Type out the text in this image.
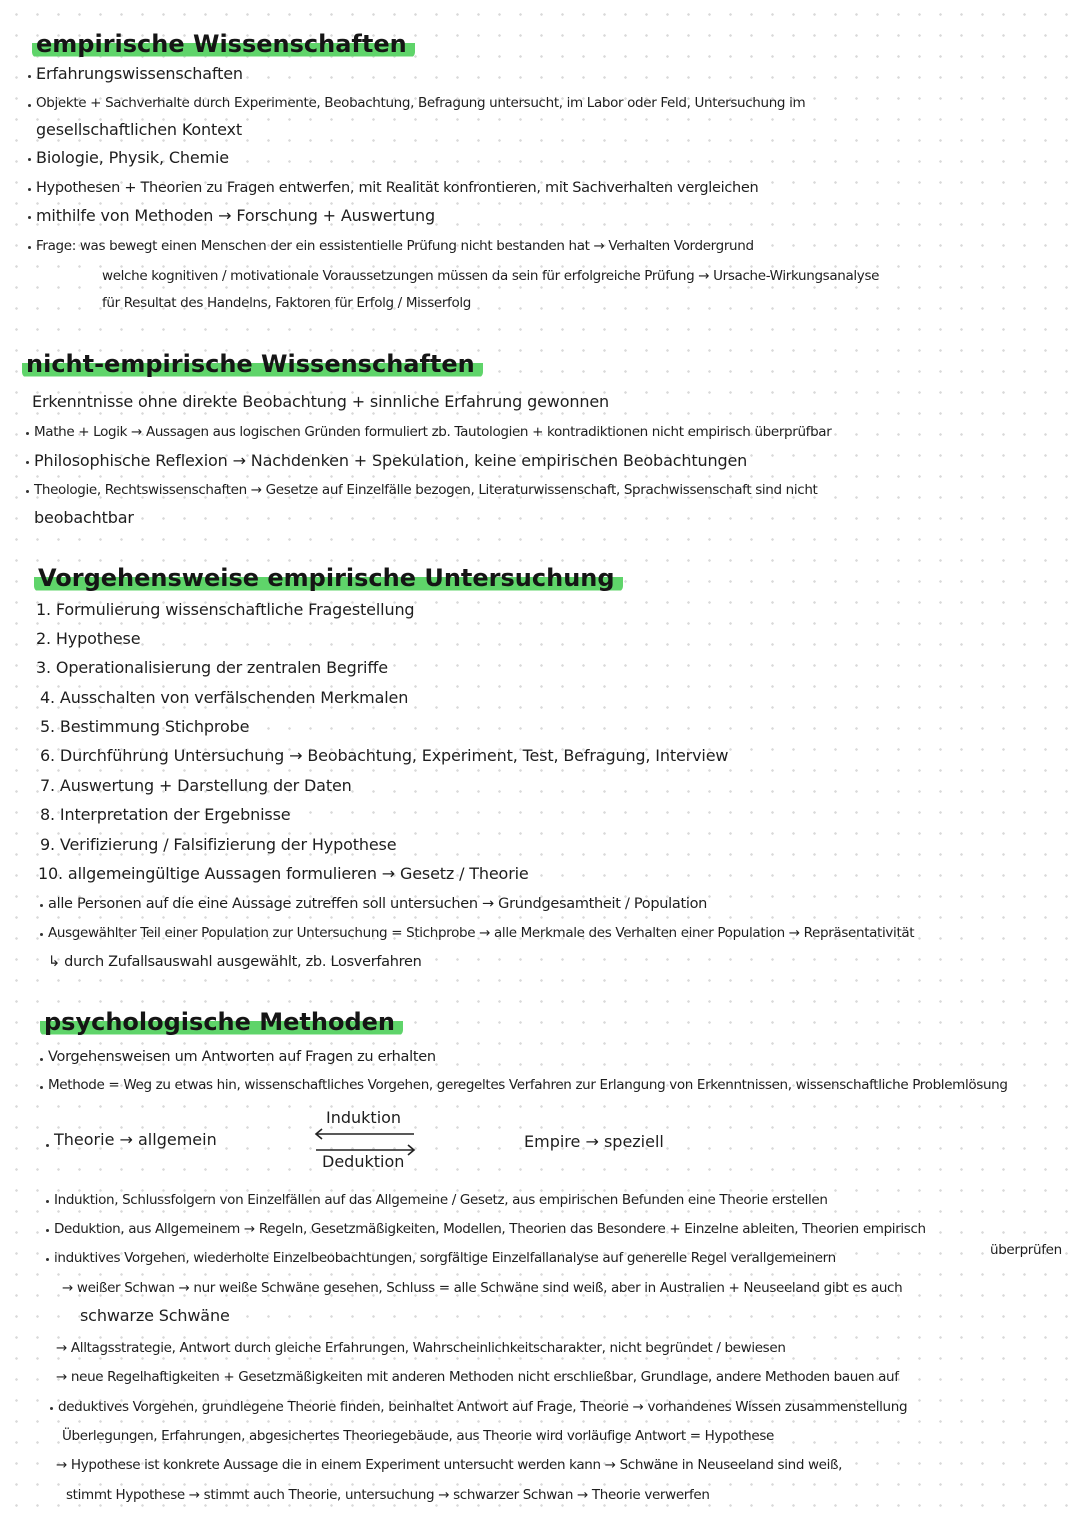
empirische Wissenschaften
Erfahrungswissenschaften
Objekte + Sachverhalte durch Experimente, Beobachtung, Befragung untersucht, im Labor oder Feld, Untersuchung im
gesellschaftlichen Kontext
Biologie, Physik, Chemie
Hypothesen + Theorien zu Fragen entwerfen, mit Realität konfrontieren, mit Sachverhalten vergleichen
mithilfe von Methoden → Forschung + Auswertung
Frage: was bewegt einen Menschen der ein essistentielle Prüfung nicht bestanden hat → Verhalten Vordergrund
welche kognitiven / motivationale Voraussetzungen müssen da sein für erfolgreiche Prüfung → Ursache-Wirkungsanalyse
für Resultat des Handelns, Faktoren für Erfolg / Misserfolg
nicht-empirische Wissenschaften
Erkenntnisse ohne direkte Beobachtung + sinnliche Erfahrung gewonnen
Mathe + Logik → Aussagen aus logischen Gründen formuliert zb. Tautologien + kontradiktionen nicht empirisch überprüfbar
Philosophische Reflexion → Nachdenken + Spekulation, keine empirischen Beobachtungen
Theologie, Rechtswissenschaften → Gesetze auf Einzelfälle bezogen, Literaturwissenschaft, Sprachwissenschaft sind nicht
beobachtbar
Vorgehensweise empirische Untersuchung
1. Formulierung wissenschaftliche Fragestellung
2. Hypothese
3. Operationalisierung der zentralen Begriffe
4. Ausschalten von verfälschenden Merkmalen
5. Bestimmung Stichprobe
6. Durchführung Untersuchung → Beobachtung, Experiment, Test, Befragung, Interview
7. Auswertung + Darstellung der Daten
8. Interpretation der Ergebnisse
9. Verifizierung / Falsifizierung der Hypothese
10. allgemeingültige Aussagen formulieren → Gesetz / Theorie
alle Personen auf die eine Aussage zutreffen soll untersuchen → Grundgesamtheit / Population
Ausgewählter Teil einer Population zur Untersuchung = Stichprobe → alle Merkmale des Verhalten einer Population → Repräsentativität
↳ durch Zufallsauswahl ausgewählt, zb. Losverfahren
psychologische Methoden
Vorgehensweisen um Antworten auf Fragen zu erhalten
Methode = Weg zu etwas hin, wissenschaftliches Vorgehen, geregeltes Verfahren zur Erlangung von Erkenntnissen, wissenschaftliche Problemlösung
Theorie → allgemein
Induktion
Deduktion
Empire → speziell
Induktion, Schlussfolgern von Einzelfällen auf das Allgemeine / Gesetz, aus empirischen Befunden eine Theorie erstellen
Deduktion, aus Allgemeinem → Regeln, Gesetzmäßigkeiten, Modellen, Theorien das Besondere + Einzelne ableiten, Theorien empirisch
überprüfen
induktives Vorgehen, wiederholte Einzelbeobachtungen, sorgfältige Einzelfallanalyse auf generelle Regel verallgemeinern
→ weißer Schwan → nur weiße Schwäne gesehen, Schluss = alle Schwäne sind weiß, aber in Australien + Neuseeland gibt es auch
schwarze Schwäne
→ Alltagsstrategie, Antwort durch gleiche Erfahrungen, Wahrscheinlichkeitscharakter, nicht begründet / bewiesen
→ neue Regelhaftigkeiten + Gesetzmäßigkeiten mit anderen Methoden nicht erschließbar, Grundlage, andere Methoden bauen auf
deduktives Vorgehen, grundlegene Theorie finden, beinhaltet Antwort auf Frage, Theorie → vorhandenes Wissen zusammenstellung
Überlegungen, Erfahrungen, abgesichertes Theoriegebäude, aus Theorie wird vorläufige Antwort = Hypothese
→ Hypothese ist konkrete Aussage die in einem Experiment untersucht werden kann → Schwäne in Neuseeland sind weiß,
stimmt Hypothese → stimmt auch Theorie, untersuchung → schwarzer Schwan → Theorie verwerfen
